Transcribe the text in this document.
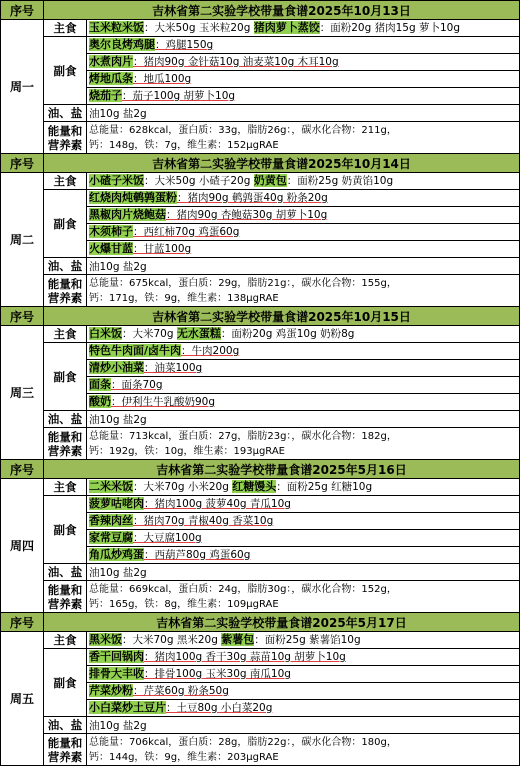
序号	吉林省第二实验学校带量食谱2025年10月13日	
周一	主食	玉米粒米饭：大米50g 玉米粒20g 猪肉萝卜蒸饺：面粉20g 猪肉15g 萝卜10g
	副食	奥尔良烤鸡腿：鸡腿150g
		水煮肉片：猪肉90g 金针菇10g 油麦菜10g 木耳10g
		烤地瓜条：地瓜100g
		烧茄子：茄子100g 胡萝卜10g
	油、盐	油10g 盐2g
	能量和营养素	总能量：628kcal，蛋白质：33g，脂肪26g：，碳水化合物：211g，
钙：148g，铁：7g，维生素：152μgRAE

序号	吉林省第二实验学校带量食谱2025年10月14日	
周二	主食	小碴子米饭：大米50g 小碴子20g 奶黄包：面粉25g 奶黄馅10g
	副食	红烧肉炖鹌鹑蛋粉：猪肉90g 鹌鹑蛋40g 粉条20g
		黑椒肉片烧鲍菇：猪肉90g 杏鲍菇30g 胡萝卜10g
		木须柿子：西红柿70g 鸡蛋60g
		火爆甘蓝：甘蓝100g
	油、盐	油10g 盐2g
	能量和营养素	总能量：675kcal，蛋白质：29g，脂肪21g：，碳水化合物：155g，
钙：171g，铁：9g，维生素：138μgRAE

序号	吉林省第二实验学校带量食谱2025年10月15日	
周三	主食	白米饭：大米70g 无水蛋糕：面粉20g 鸡蛋10g 奶粉8g
	副食	特色牛肉面/卤牛肉：牛肉200g
		清炒小油菜：油菜100g
		面条：面条70g
		酸奶：伊利生牛乳酸奶90g
	油、盐	油10g 盐2g
	能量和营养素	总能量：713kcal，蛋白质：27g，脂肪23g：，碳水化合物：182g，
钙：192g，铁：10g，维生素：193μgRAE

序号	吉林省第二实验学校带量食谱2025年5月16日	
周四	主食	二米米饭：大米70g 小米20g 红糖馒头：面粉25g 红糖10g
	副食	菠萝咕咾肉：猪肉100g 菠萝40g 青瓜10g
		香辣肉丝：猪肉70g 青椒40g 香菜10g
		家常豆腐：大豆腐100g
		角瓜炒鸡蛋：西葫芦80g 鸡蛋60g
	油、盐	油10g 盐2g
	能量和营养素	总能量：669kcal，蛋白质：24g，脂肪30g：，碳水化合物：152g，
钙：165g，铁：8g，维生素：109μgRAE

序号	吉林省第二实验学校带量食谱2025年5月17日	
周五	主食	黑米饭：大米70g 黑米20g 紫薯包：面粉25g 紫薯馅10g
	副食	香干回锅肉：猪肉100g 香干30g 蒜苗10g 胡萝卜10g
		排骨大丰收：排骨100g 玉米30g 南瓜10g
		芹菜炒粉：芹菜60g 粉条50g
		小白菜炒土豆片：土豆80g 小白菜20g
	油、盐	油10g 盐2g
	能量和营养素	总能量：706kcal，蛋白质：28g，脂肪22g：，碳水化合物：180g，
钙：144g，铁：9g，维生素：203μgRAE
